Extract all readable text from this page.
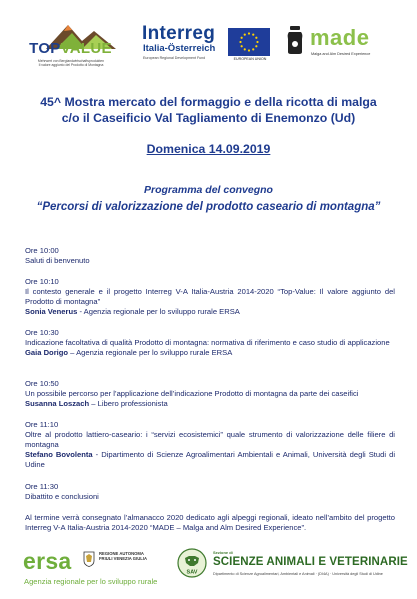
TOPVALUE
Mehrwert von Berglandwirtschaftsprodukten
Il valore aggiunto del Prodotto di Montagna
Interreg
Italia-Österreich
European Regional Development Fund	EUROPEAN UNION
made
Malga and Alm Desired Experience
45^ Mostra mercato del formaggio e della ricotta di malga
c/o il Caseificio Val Tagliamento di Enemonzo (Ud)
Domenica 14.09.2019
Programma del convegno
“Percorsi di valorizzazione del prodotto caseario di montagna”
Ore 10:00
Saluti di benvenuto
Ore 10:10
Il contesto generale e il progetto Interreg V-A Italia-Austria 2014-2020 “Top-Value: Il valore aggiunto del Prodotto di montagna”
Sonia Venerus - Agenzia regionale per lo sviluppo rurale ERSA
Ore 10:30
Indicazione facoltativa di qualità Prodotto di montagna: normativa di riferimento e caso studio di applicazione
Gaia Dorigo – Agenzia regionale per lo sviluppo rurale ERSA
Ore 10:50
Un possibile percorso per l’applicazione dell’indicazione Prodotto di montagna da parte dei caseifici
Susanna Loszach – Libero professionista
Ore 11:10
Oltre al prodotto lattiero-caseario: i “servizi ecosistemici” quale strumento di valorizzazione delle filiere di montagna
Stefano Bovolenta - Dipartimento di Scienze Agroalimentari Ambientali e Animali, Università degli Studi di Udine
Ore 11:30
Dibattito e conclusioni
Al termine verrà consegnato l’almanacco 2020 dedicato agli alpeggi regionali, ideato nell’ambito del progetto Interreg V-A Italia-Austria 2014-2020 “MADE – Malga and Alm Desired Experience”.
ersa
Agenzia regionale per lo sviluppo rurale
REGIONE AUTONOMA
FRIULI VENEZIA GIULIA
SAV
Sezione di
SCIENZE ANIMALI E VETERINARIE
Dipartimento di Scienze Agroalimentari, Ambientali e Animali · (DI4A) · Università degli Studi di Udine
